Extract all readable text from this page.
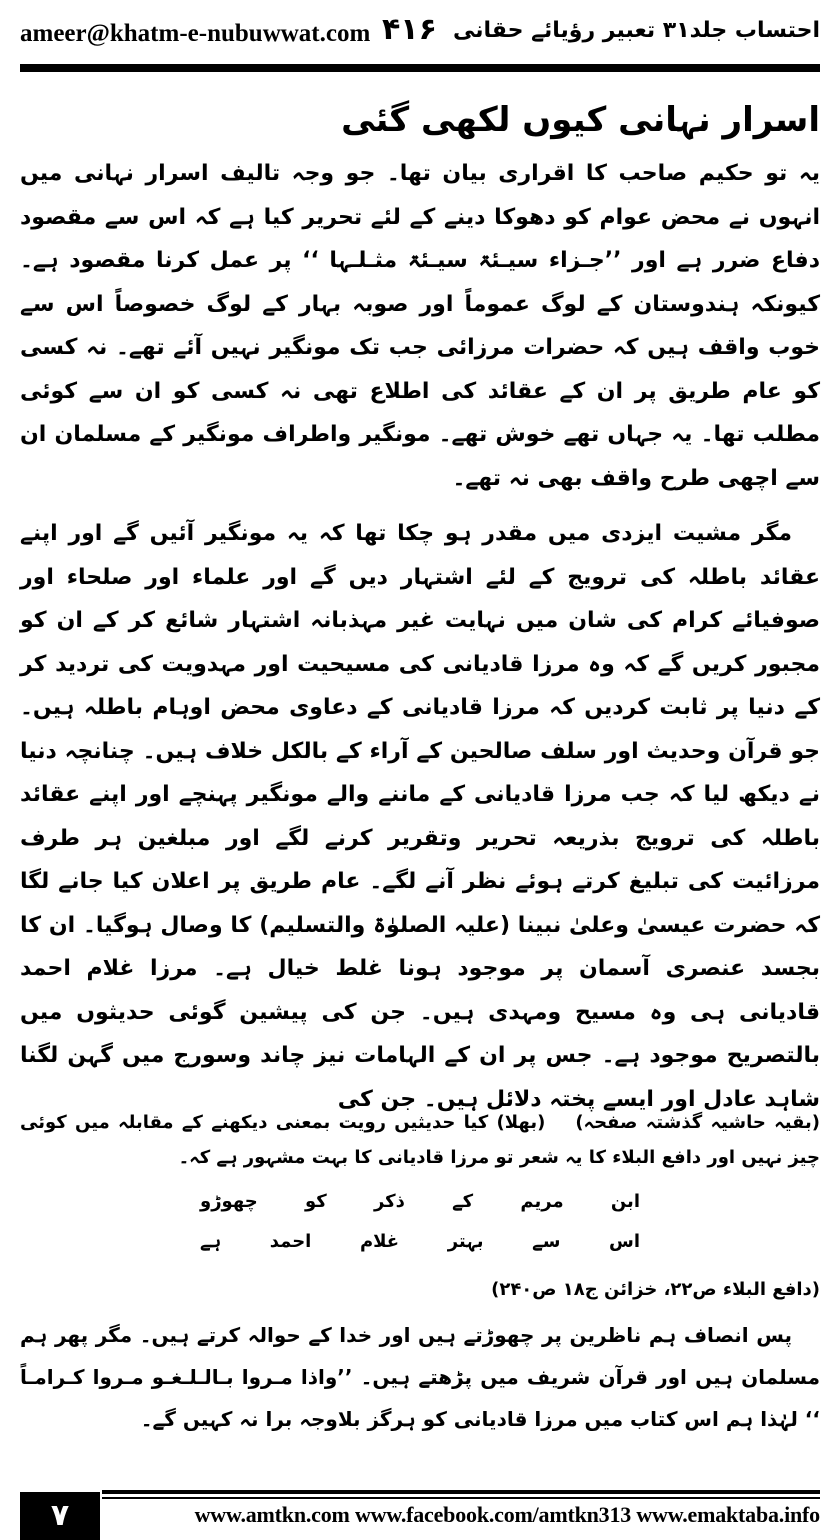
ameer@khatm-e-nubuwwat.com ۴۱۶ احتساب جلد۳۱ تعبیر رؤیائے حقانی
اسرار نہانی کیوں لکھی گئی

یہ تو حکیم صاحب کا اقراری بیان تھا۔ جو وجہ تالیف اسرار نہانی میں انہوں نے محض عوام کو دھوکا دینے کے لئے تحریر کیا ہے کہ اس سے مقصود دفاع ضرر ہے اور ’’جـزاء سیـئۃ سیـئۃ مثـلـہا ‘‘ پر عمل کرنا مقصود ہے۔ کیونکہ ہندوستان کے لوگ عموماً اور صوبہ بہار کے لوگ خصوصاً اس سے خوب واقف ہیں کہ حضرات مرزائی جب تک مونگیر نہیں آئے تھے۔ نہ کسی کو عام طریق پر ان کے عقائد کی اطلاع تھی نہ کسی کو ان سے کوئی مطلب تھا۔ یہ جہاں تھے خوش تھے۔ مونگیر واطراف مونگیر کے مسلمان ان سے اچھی طرح واقف بھی نہ تھے۔

مگر مشیت ایزدی میں مقدر ہو چکا تھا کہ یہ مونگیر آئیں گے اور اپنے عقائد باطلہ کی ترویج کے لئے اشتہار دیں گے اور علماء اور صلحاء اور صوفیائے کرام کی شان میں نہایت غیر مہذبانہ اشتہار شائع کر کے ان کو مجبور کریں گے کہ وہ مرزا قادیانی کی مسیحیت اور مہدویت کی تردید کر کے دنیا پر ثابت کردیں کہ مرزا قادیانی کے دعاوی محض اوہام باطلہ ہیں۔ جو قرآن وحدیث اور سلف صالحین کے آراء کے بالکل خلاف ہیں۔ چنانچہ دنیا نے دیکھ لیا کہ جب مرزا قادیانی کے ماننے والے مونگیر پہنچے اور اپنے عقائد باطلہ کی ترویج بذریعہ تحریر وتقریر کرنے لگے اور مبلغین ہر طرف مرزائیت کی تبلیغ کرتے ہوئے نظر آنے لگے۔ عام طریق پر اعلان کیا جانے لگا کہ حضرت عیسیٰ وعلیٰ نبینا (علیہ الصلوٰۃ والتسلیم) کا وصال ہوگیا۔ ان کا بجسد عنصری آسمان پر موجود ہونا غلط خیال ہے۔ مرزا غلام احمد قادیانی ہی وہ مسیح ومہدی ہیں۔ جن کی پیشین گوئی حدیثوں میں بالتصریح موجود ہے۔ جس پر ان کے الہامات نیز چاند وسورج میں گہن لگنا شاہد عادل اور ایسے پختہ دلائل ہیں۔ جن کی

(بقیہ حاشیہ گذشتہ صفحہ)(بھلا) کیا حدیثیں رویت بمعنی دیکھنے کے مقابلہ میں کوئی چیز نہیں اور دافع البلاء کا یہ شعر تو مرزا قادیانی کا بہت مشہور ہے کہ۔

ابن
مریم
کے
ذکر
کو
چھوڑو
اس
سے
بہتر
غلام
احمد
ہے
(دافع البلاء ص۲۲، خزائن ج۱۸ ص۲۴۰)

پس انصاف ہم ناظرین پر چھوڑتے ہیں اور خدا کے حوالہ کرتے ہیں۔ مگر پھر ہم مسلمان ہیں اور قرآن شریف میں پڑھتے ہیں۔ ’’واذا مـروا بـالـلـغـو مـروا کـرامـاً ‘‘ لہٰذا ہم اس کتاب میں مرزا قادیانی کو ہرگز بلاوجہ برا نہ کہیں گے۔

۷	www.amtkn.com www.facebook.com/amtkn313 www.emaktaba.info
